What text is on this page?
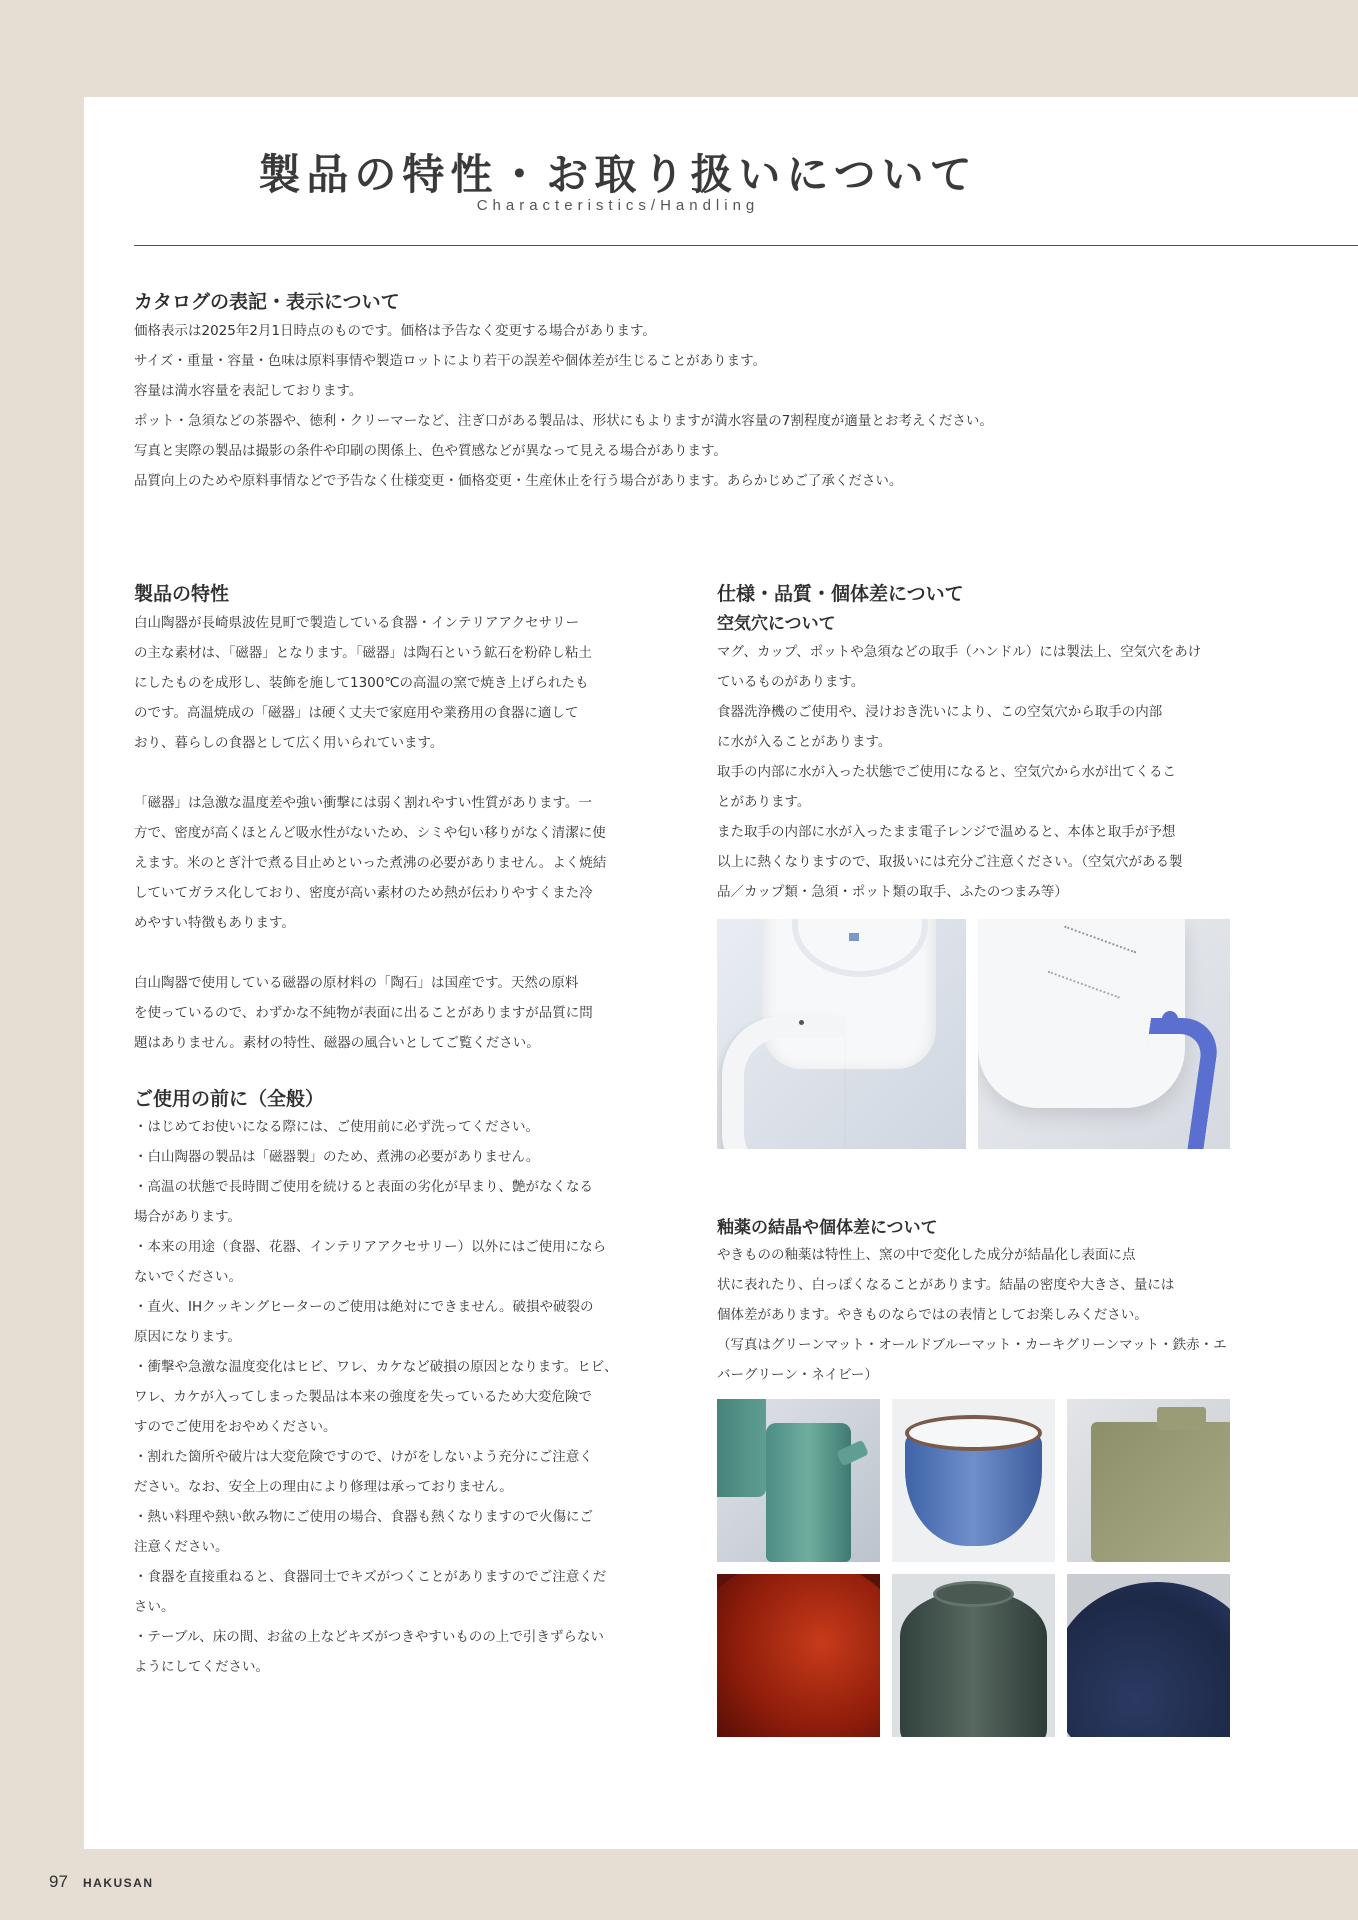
製品の特性・お取り扱いについて
Characteristics/Handling
カタログの表記・表示について
価格表示は2025年2月1日時点のものです。価格は予告なく変更する場合があります。
サイズ・重量・容量・色味は原料事情や製造ロットにより若干の誤差や個体差が生じることがあります。
容量は満水容量を表記しております。
ポット・急須などの茶器や、徳利・クリーマーなど、注ぎ口がある製品は、形状にもよりますが満水容量の7割程度が適量とお考えください。
写真と実際の製品は撮影の条件や印刷の関係上、色や質感などが異なって見える場合があります。
品質向上のためや原料事情などで予告なく仕様変更・価格変更・生産休止を行う場合があります。あらかじめご了承ください。
製品の特性
白山陶器が長崎県波佐見町で製造している食器・インテリアアクセサリー
の主な素材は、「磁器」となります。「磁器」は陶石という鉱石を粉砕し粘土
にしたものを成形し、装飾を施して1300℃の高温の窯で焼き上げられたも
のです。高温焼成の「磁器」は硬く丈夫で家庭用や業務用の食器に適して
おり、暮らしの食器として広く用いられています。

「磁器」は急激な温度差や強い衝撃には弱く割れやすい性質があります。一
方で、密度が高くほとんど吸水性がないため、シミや匂い移りがなく清潔に使
えます。米のとぎ汁で煮る目止めといった煮沸の必要がありません。よく焼結
していてガラス化しており、密度が高い素材のため熱が伝わりやすくまた冷
めやすい特徴もあります。

白山陶器で使用している磁器の原材料の「陶石」は国産です。天然の原料
を使っているので、わずかな不純物が表面に出ることがありますが品質に問
題はありません。素材の特性、磁器の風合いとしてご覧ください。
ご使用の前に（全般）
・はじめてお使いになる際には、ご使用前に必ず洗ってください。
・白山陶器の製品は「磁器製」のため、煮沸の必要がありません。
・高温の状態で長時間ご使用を続けると表面の劣化が早まり、艶がなくなる
場合があります。
・本来の用途（食器、花器、インテリアアクセサリー）以外にはご使用になら
ないでください。
・直火、IHクッキングヒーターのご使用は絶対にできません。破損や破裂の
原因になります。
・衝撃や急激な温度変化はヒビ、ワレ、カケなど破損の原因となります。ヒビ、
ワレ、カケが入ってしまった製品は本来の強度を失っているため大変危険で
すのでご使用をおやめください。
・割れた箇所や破片は大変危険ですので、けがをしないよう充分にご注意く
ださい。なお、安全上の理由により修理は承っておりません。
・熱い料理や熱い飲み物にご使用の場合、食器も熱くなりますので火傷にご
注意ください。
・食器を直接重ねると、食器同士でキズがつくことがありますのでご注意くだ
さい。
・テーブル、床の間、お盆の上などキズがつきやすいものの上で引きずらない
ようにしてください。
仕様・品質・個体差について
空気穴について
マグ、カップ、ポットや急須などの取手（ハンドル）には製法上、空気穴をあけ
ているものがあります。
食器洗浄機のご使用や、浸けおき洗いにより、この空気穴から取手の内部
に水が入ることがあります。
取手の内部に水が入った状態でご使用になると、空気穴から水が出てくるこ
とがあります。
また取手の内部に水が入ったまま電子レンジで温めると、本体と取手が予想
以上に熱くなりますので、取扱いには充分ご注意ください。（空気穴がある製
品／カップ類・急須・ポット類の取手、ふたのつまみ等）
釉薬の結晶や個体差について
やきものの釉薬は特性上、窯の中で変化した成分が結晶化し表面に点
状に表れたり、白っぽくなることがあります。結晶の密度や大きさ、量には
個体差があります。やきものならではの表情としてお楽しみください。
（写真はグリーンマット・オールドブルーマット・カーキグリーンマット・鉄赤・エ
バーグリーン・ネイビー）
97 HAKUSAN
